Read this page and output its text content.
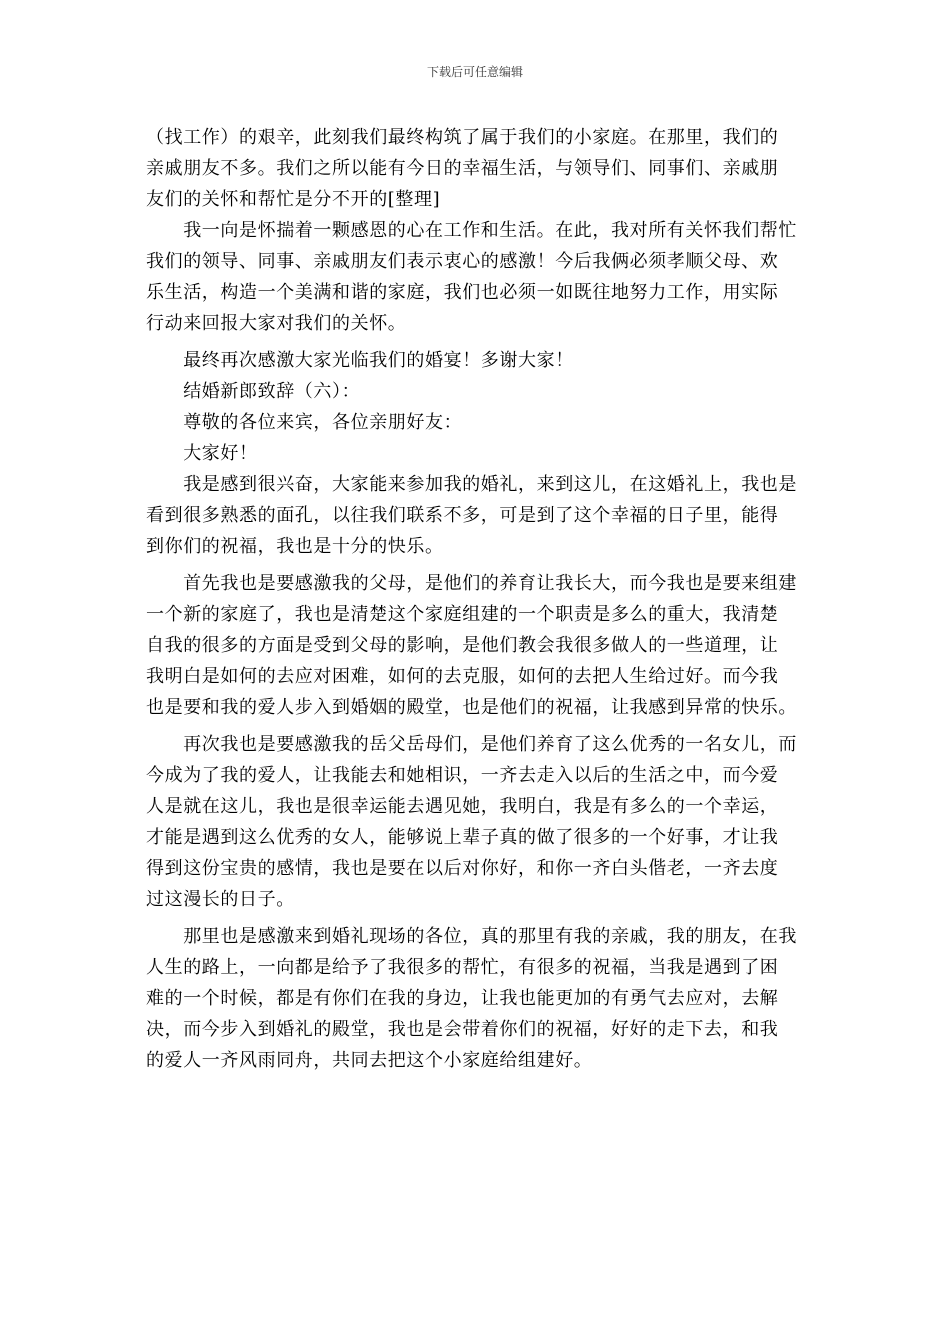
下载后可任意编辑
（找工作）的艰辛，此刻我们最终构筑了属于我们的小家庭。在那里，我们的
亲戚朋友不多。我们之所以能有今日的幸福生活，与领导们、同事们、亲戚朋
友们的关怀和帮忙是分不开的[整理]
　　我一向是怀揣着一颗感恩的心在工作和生活。在此，我对所有关怀我们帮忙
我们的领导、同事、亲戚朋友们表示衷心的感激！今后我俩必须孝顺父母、欢
乐生活，构造一个美满和谐的家庭，我们也必须一如既往地努力工作，用实际
行动来回报大家对我们的关怀。
　　最终再次感激大家光临我们的婚宴！多谢大家！
　　结婚新郎致辞（六）：
　　尊敬的各位来宾，各位亲朋好友：
　　大家好！
　　我是感到很兴奋，大家能来参加我的婚礼，来到这儿，在这婚礼上，我也是
看到很多熟悉的面孔，以往我们联系不多，可是到了这个幸福的日子里，能得
到你们的祝福，我也是十分的快乐。
　　首先我也是要感激我的父母，是他们的养育让我长大，而今我也是要来组建
一个新的家庭了，我也是清楚这个家庭组建的一个职责是多么的重大，我清楚
自我的很多的方面是受到父母的影响，是他们教会我很多做人的一些道理，让
我明白是如何的去应对困难，如何的去克服，如何的去把人生给过好。而今我
也是要和我的爱人步入到婚姻的殿堂，也是他们的祝福，让我感到异常的快乐。
　　再次我也是要感激我的岳父岳母们，是他们养育了这么优秀的一名女儿，而
今成为了我的爱人，让我能去和她相识，一齐去走入以后的生活之中，而今爱
人是就在这儿，我也是很幸运能去遇见她，我明白，我是有多么的一个幸运，
才能是遇到这么优秀的女人，能够说上辈子真的做了很多的一个好事，才让我
得到这份宝贵的感情，我也是要在以后对你好，和你一齐白头偕老，一齐去度
过这漫长的日子。
　　那里也是感激来到婚礼现场的各位，真的那里有我的亲戚，我的朋友，在我
人生的路上，一向都是给予了我很多的帮忙，有很多的祝福，当我是遇到了困
难的一个时候，都是有你们在我的身边，让我也能更加的有勇气去应对，去解
决，而今步入到婚礼的殿堂，我也是会带着你们的祝福，好好的走下去，和我
的爱人一齐风雨同舟，共同去把这个小家庭给组建好。
